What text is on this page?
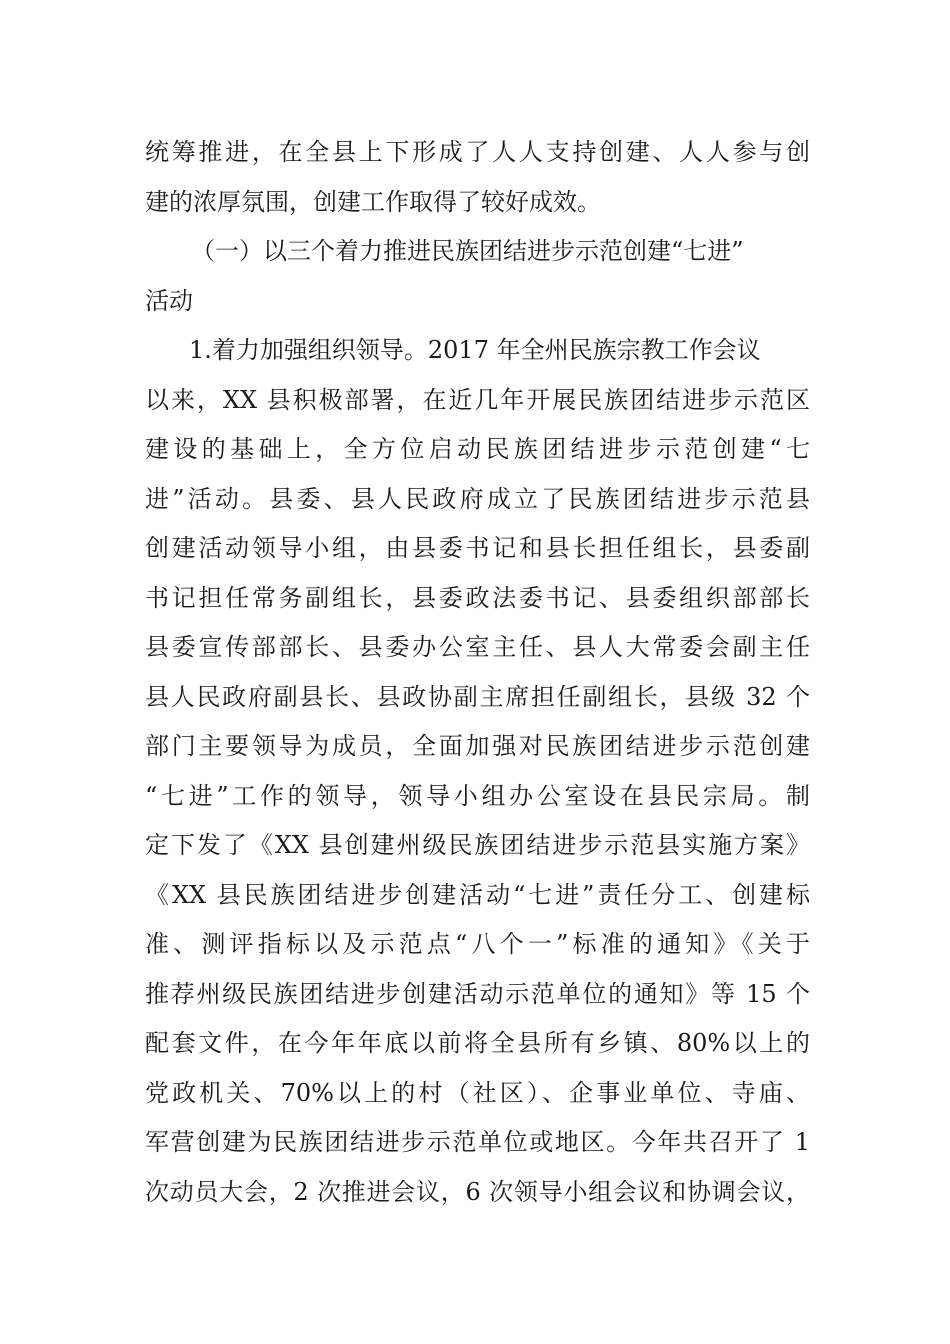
统筹推进，在全县上下形成了人人支持创建、人人参与创
建的浓厚氛围，创建工作取得了较好成效。
（一）以三个着力推进民族团结进步示范创建“七进”
活动
1.着力加强组织领导。2017 年全州民族宗教工作会议
以来，XX 县积极部署，在近几年开展民族团结进步示范区
建设的基础上，全方位启动民族团结进步示范创建“七
进”活动。县委、县人民政府成立了民族团结进步示范县
创建活动领导小组，由县委书记和县长担任组长，县委副
书记担任常务副组长，县委政法委书记、县委组织部部长
县委宣传部部长、县委办公室主任、县人大常委会副主任
县人民政府副县长、县政协副主席担任副组长，县级 32 个
部门主要领导为成员，全面加强对民族团结进步示范创建
“七进”工作的领导，领导小组办公室设在县民宗局。制
定下发了《XX 县创建州级民族团结进步示范县实施方案》
《XX 县民族团结进步创建活动“七进”责任分工、创建标
准、测评指标以及示范点“八个一”标准的通知》《关于
推荐州级民族团结进步创建活动示范单位的通知》等 15 个
配套文件，在今年年底以前将全县所有乡镇、80%以上的
党政机关、70%以上的村（社区）、企事业单位、寺庙、
军营创建为民族团结进步示范单位或地区。今年共召开了 1
次动员大会，2 次推进会议，6 次领导小组会议和协调会议，
